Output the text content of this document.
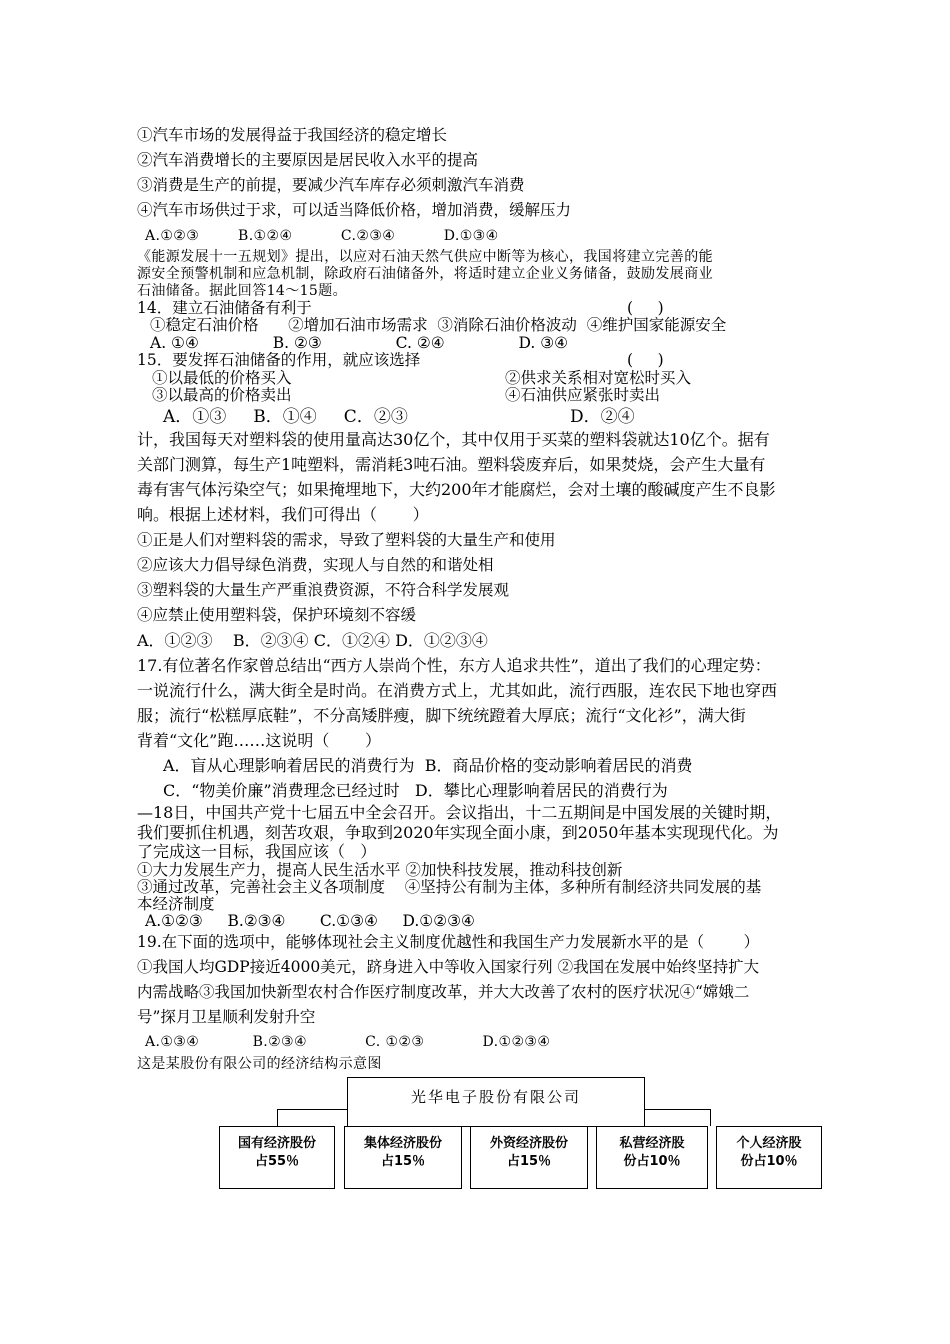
①汽车市场的发展得益于我国经济的稳定增长
②汽车消费增长的主要原因是居民收入水平的提高
③消费是生产的前提，要减少汽车库存必须刺激汽车消费
④汽车市场供过于求，可以适当降低价格，增加消费，缓解压力
A.①②③        B.①②④          C.②③④          D.①③④
《能源发展十一五规划》提出，以应对石油天然气供应中断等为核心，我国将建立完善的能
源安全预警机制和应急机制，除政府石油储备外，将适时建立企业义务储备，鼓励发展商业
石油储备。据此回答14～15题。
14．建立石油储备有利于	(     )
①稳定石油价格      ②增加石油市场需求  ③消除石油价格波动  ④维护国家能源安全
A. ①④               B. ②③               C. ②④               D. ③④
15．要发挥石油储备的作用，就应该选择	(     )
①以最低的价格买入	②供求关系相对宽松时买入
③以最高的价格卖出	④石油供应紧张时卖出
A．①③     B．①④     C．②③	D．②④
计，我国每天对塑料袋的使用量高达30亿个，其中仅用于买菜的塑料袋就达10亿个。据有
关部门测算，每生产1吨塑料，需消耗3吨石油。塑料袋废弃后，如果焚烧，会产生大量有
毒有害气体污染空气；如果掩埋地下，大约200年才能腐烂，会对土壤的酸碱度产生不良影
响。根据上述材料，我们可得出（       ）
①正是人们对塑料袋的需求，导致了塑料袋的大量生产和使用
②应该大力倡导绿色消费，实现人与自然的和谐处相
③塑料袋的大量生产严重浪费资源，不符合科学发展观
④应禁止使用塑料袋，保护环境刻不容缓
A．①②③    B．②③④ C．①②④ D．①②③④
17.有位著名作家曾总结出“西方人崇尚个性，东方人追求共性”，道出了我们的心理定势：
一说流行什么，满大街全是时尚。在消费方式上，尤其如此，流行西服，连农民下地也穿西
服；流行“松糕厚底鞋”，不分高矮胖瘦，脚下统统蹬着大厚底；流行“文化衫”，满大街
背着“文化”跑……这说明（       ）
A．盲从心理影响着居民的消费行为  B．商品价格的变动影响着居民的消费
C．“物美价廉”消费理念已经过时   D．攀比心理影响着居民的消费行为
—18日，中国共产党十七届五中全会召开。会议指出，十二五期间是中国发展的关键时期，
我们要抓住机遇，刻苦攻艰，争取到2020年实现全面小康，到2050年基本实现现代化。为
了完成这一目标，我国应该（   ）
①大力发展生产力，提高人民生活水平 ②加快科技发展，推动科技创新
③通过改革，完善社会主义各项制度    ④坚持公有制为主体，多种所有制经济共同发展的基
本经济制度
A.①②③     B.②③④       C.①③④     D.①②③④
19.在下面的选项中，能够体现社会主义制度优越性和我国生产力发展新水平的是（        ）
①我国人均GDP接近4000美元，跻身进入中等收入国家行列 ②我国在发展中始终坚持扩大
内需战略③我国加快新型农村合作医疗制度改革，并大大改善了农村的医疗状况④“嫦娥二
号”探月卫星顺利发射升空
A.①③④           B.②③④            C. ①②③            D.①②③④
这是某股份有限公司的经济结构示意图
光华电子股份有限公司
国有经济股份占55％
集体经济股份占15％
外资经济股份占15％
私营经济股份占10％
个人经济股份占10％
